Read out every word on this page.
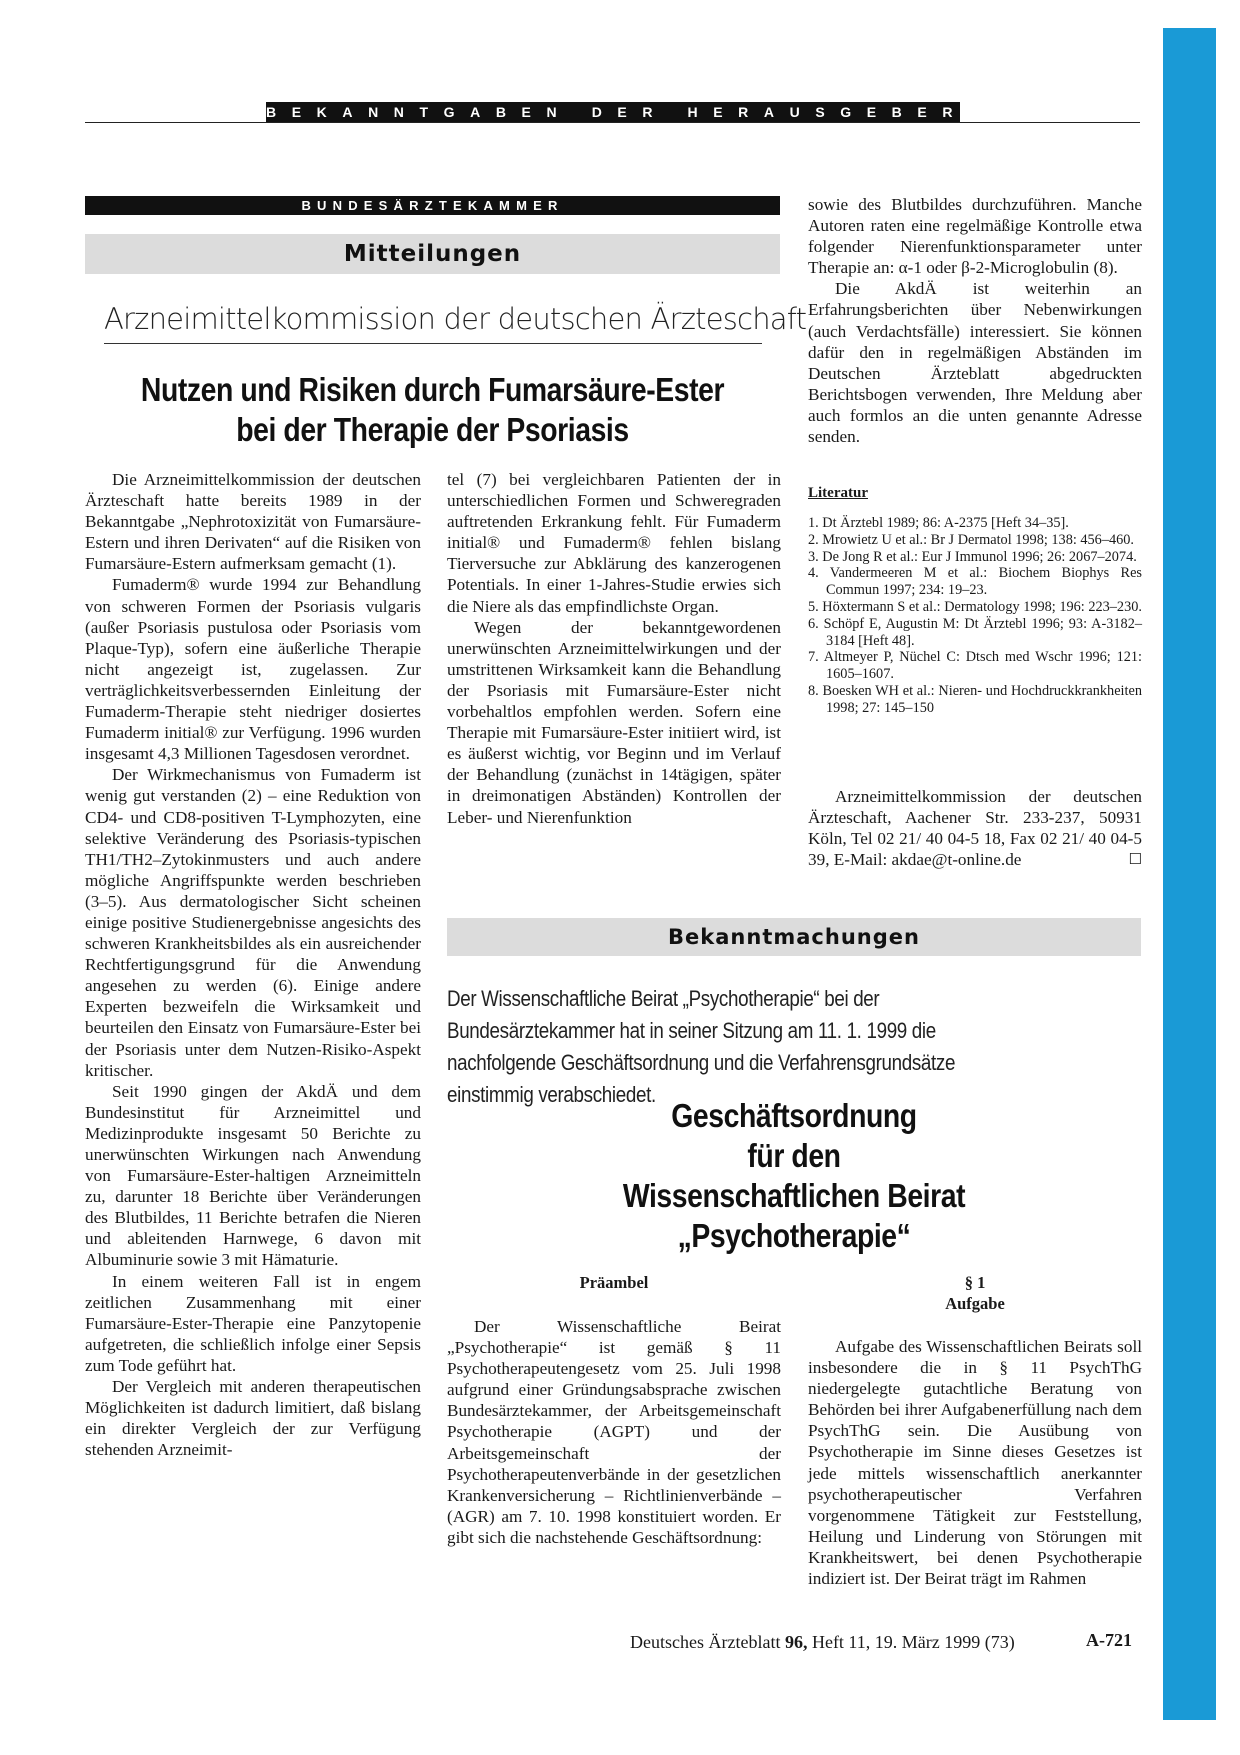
BEKANNTGABEN DER HERAUSGEBER
BUNDESÄRZTEKAMMER
Mitteilungen
Arzneimittelkommission der deutschen Ärzteschaft
Nutzen und Risiken durch Fumarsäure-Ester
bei der Therapie der Psoriasis

Die Arzneimittelkommission der deutschen Ärzteschaft hatte bereits 1989 in der Bekanntgabe „Nephrotoxizität von Fumarsäure-Estern und ihren Derivaten“ auf die Risiken von Fumarsäure-Estern aufmerksam gemacht (1).

Fumaderm® wurde 1994 zur Behandlung von schweren Formen der Psoriasis vulgaris (außer Psoriasis pustulosa oder Psoriasis vom Plaque-Typ), sofern eine äußerliche Therapie nicht angezeigt ist, zugelassen. Zur verträglichkeitsverbessernden Einleitung der Fumaderm-Therapie steht niedriger dosiertes Fumaderm initial® zur Verfügung. 1996 wurden insgesamt 4,3 Millionen Tagesdosen verordnet.

Der Wirkmechanismus von Fumaderm ist wenig gut verstanden (2) – eine Reduktion von CD4- und CD8-positiven T-Lymphozyten, eine selektive Veränderung des Psoriasis-typischen TH1/TH2–Zytokinmusters und auch andere mögliche Angriffspunkte werden beschrieben (3–5). Aus dermatologischer Sicht scheinen einige positive Studienergebnisse angesichts des schweren Krankheitsbildes als ein ausreichender Rechtfertigungsgrund für die Anwendung angesehen zu werden (6). Einige andere Experten bezweifeln die Wirksamkeit und beurteilen den Einsatz von Fumarsäure-Ester bei der Psoriasis unter dem Nutzen-Risiko-Aspekt kritischer.

Seit 1990 gingen der AkdÄ und dem Bundesinstitut für Arzneimittel und Medizinprodukte insgesamt 50 Berichte zu unerwünschten Wirkungen nach Anwendung von Fumarsäure-Ester-haltigen Arzneimitteln zu, darunter 18 Berichte über Veränderungen des Blutbildes, 11 Berichte betrafen die Nieren und ableitenden Harnwege, 6 davon mit Albuminurie sowie 3 mit Hämaturie.

In einem weiteren Fall ist in engem zeitlichen Zusammenhang mit einer Fumarsäure-Ester-Therapie eine Panzytopenie aufgetreten, die schließlich infolge einer Sepsis zum Tode geführt hat.

Der Vergleich mit anderen therapeutischen Möglichkeiten ist dadurch limitiert, daß bislang ein direkter Vergleich der zur Verfügung stehenden Arzneimit-

tel (7) bei vergleichbaren Patienten der in unterschiedlichen Formen und Schweregraden auftretenden Erkrankung fehlt. Für Fumaderm initial® und Fumaderm® fehlen bislang Tierversuche zur Abklärung des kanzerogenen Potentials. In einer 1-Jahres-Studie erwies sich die Niere als das empfindlichste Organ.

Wegen der bekanntgewordenen unerwünschten Arzneimittelwirkungen und der umstrittenen Wirksamkeit kann die Behandlung der Psoriasis mit Fumarsäure-Ester nicht vorbehaltlos empfohlen werden. Sofern eine Therapie mit Fumarsäure-Ester initiiert wird, ist es äußerst wichtig, vor Beginn und im Verlauf der Behandlung (zunächst in 14tägigen, später in dreimonatigen Abständen) Kontrollen der Leber- und Nierenfunktion

sowie des Blutbildes durchzuführen. Manche Autoren raten eine regelmäßige Kontrolle etwa folgender Nierenfunktionsparameter unter Therapie an: α-1 oder β-2-Microglobulin (8).

Die AkdÄ ist weiterhin an Erfahrungsberichten über Nebenwirkungen (auch Verdachtsfälle) interessiert. Sie können dafür den in regelmäßigen Abständen im Deutschen Ärzteblatt abgedruckten Berichtsbogen verwenden, Ihre Meldung aber auch formlos an die unten genannte Adresse senden.

Literatur
1. Dt Ärztebl 1989; 86: A-2375 [Heft 34–35].
2. Mrowietz U et al.: Br J Dermatol 1998; 138: 456–460.
3. De Jong R et al.: Eur J Immunol 1996; 26: 2067–2074.
4. Vandermeeren M et al.: Biochem Biophys Res Commun 1997; 234: 19–23.
5. Höxtermann S et al.: Dermatology 1998; 196: 223–230.
6. Schöpf E, Augustin M: Dt Ärztebl 1996; 93: A-3182–3184 [Heft 48].
7. Altmeyer P, Nüchel C: Dtsch med Wschr 1996; 121: 1605–1607.
8. Boesken WH et al.: Nieren- und Hochdruckkrankheiten 1998; 27: 145–150

Arzneimittelkommission der deutschen Ärzteschaft, Aachener Str. 233-237, 50931 Köln, Tel 02 21/ 40 04-5 18, Fax 02 21/ 40 04-5 39, E-Mail: akdae@t-online.de	☐

Bekanntmachungen
Der Wissenschaftliche Beirat „Psychotherapie“ bei der Bundesärztekammer hat in seiner Sitzung am 11. 1. 1999 die nachfolgende Geschäftsordnung und die Verfahrensgrundsätze einstimmig verabschiedet.
Geschäftsordnung
für den
Wissenschaftlichen Beirat
„Psychotherapie“
Präambel	§ 1
Aufgabe

Der Wissenschaftliche Beirat „Psychotherapie“ ist gemäß § 11 Psychotherapeutengesetz vom 25. Juli 1998 aufgrund einer Gründungsabsprache zwischen Bundesärztekammer, der Arbeitsgemeinschaft Psychotherapie (AGPT) und der Arbeitsgemeinschaft der Psychotherapeutenverbände in der gesetzlichen Krankenversicherung – Richtlinienverbände – (AGR) am 7. 10. 1998 konstituiert worden. Er gibt sich die nachstehende Geschäftsordnung:

Aufgabe des Wissenschaftlichen Beirats soll insbesondere die in § 11 PsychThG niedergelegte gutachtliche Beratung von Behörden bei ihrer Aufgabenerfüllung nach dem PsychThG sein. Die Ausübung von Psychotherapie im Sinne dieses Gesetzes ist jede mittels wissenschaftlich anerkannter psychotherapeutischer Verfahren vorgenommene Tätigkeit zur Feststellung, Heilung und Linderung von Störungen mit Krankheitswert, bei denen Psychotherapie indiziert ist. Der Beirat trägt im Rahmen

Deutsches Ärzteblatt 96, Heft 11, 19. März 1999 (73)	A-721
